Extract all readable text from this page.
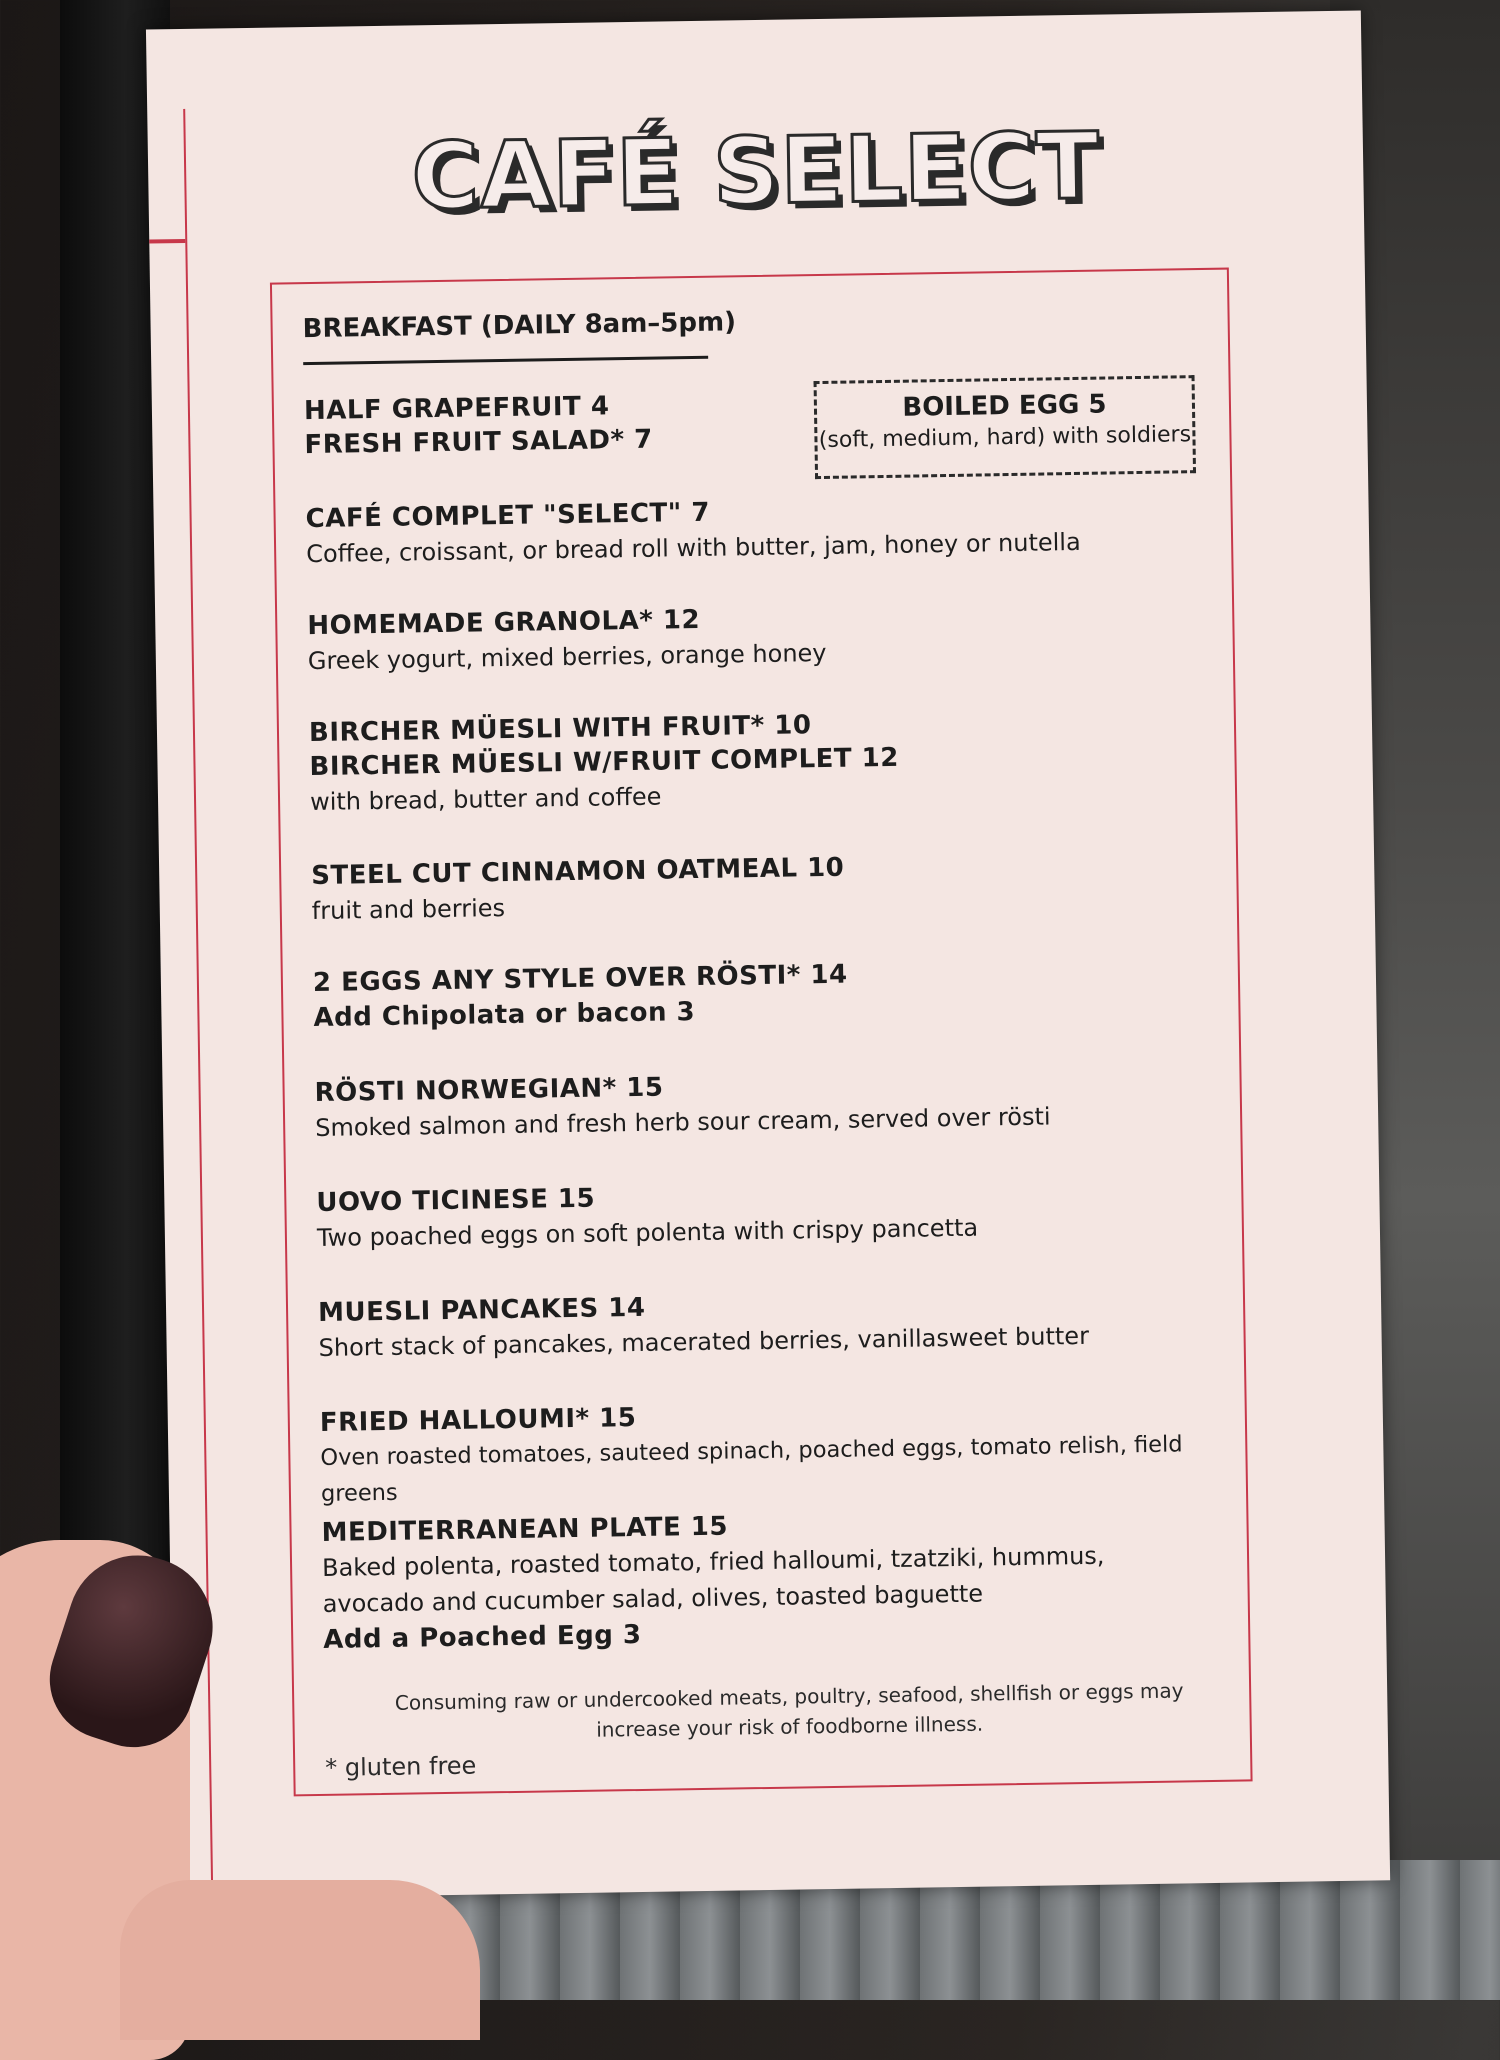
CAFÉ SELECT
BREAKFAST (DAILY 8am–5pm)
BOILED EGG 5
(soft, medium, hard) with soldiers
HALF GRAPEFRUIT 4
FRESH FRUIT SALAD* 7
CAFÉ COMPLET "SELECT" 7
Coffee, croissant, or bread roll with butter, jam, honey or nutella
HOMEMADE GRANOLA* 12
Greek yogurt, mixed berries, orange honey
BIRCHER MÜESLI WITH FRUIT* 10
BIRCHER MÜESLI W/FRUIT COMPLET 12
with bread, butter and coffee
STEEL CUT CINNAMON OATMEAL 10
fruit and berries
2 EGGS ANY STYLE OVER RÖSTI* 14
Add Chipolata or bacon 3
RÖSTI NORWEGIAN* 15
Smoked salmon and fresh herb sour cream, served over rösti
UOVO TICINESE 15
Two poached eggs on soft polenta with crispy pancetta
MUESLI PANCAKES 14
Short stack of pancakes, macerated berries, vanillasweet butter
FRIED HALLOUMI* 15
Oven roasted tomatoes, sauteed spinach, poached eggs, tomato relish, field greens
MEDITERRANEAN PLATE 15
Baked polenta, roasted tomato, fried halloumi, tzatziki, hummus, avocado and cucumber salad, olives, toasted baguette
Add a Poached Egg 3
Consuming raw or undercooked meats, poultry, seafood, shellfish or eggs may increase your risk of foodborne illness.
* gluten free
